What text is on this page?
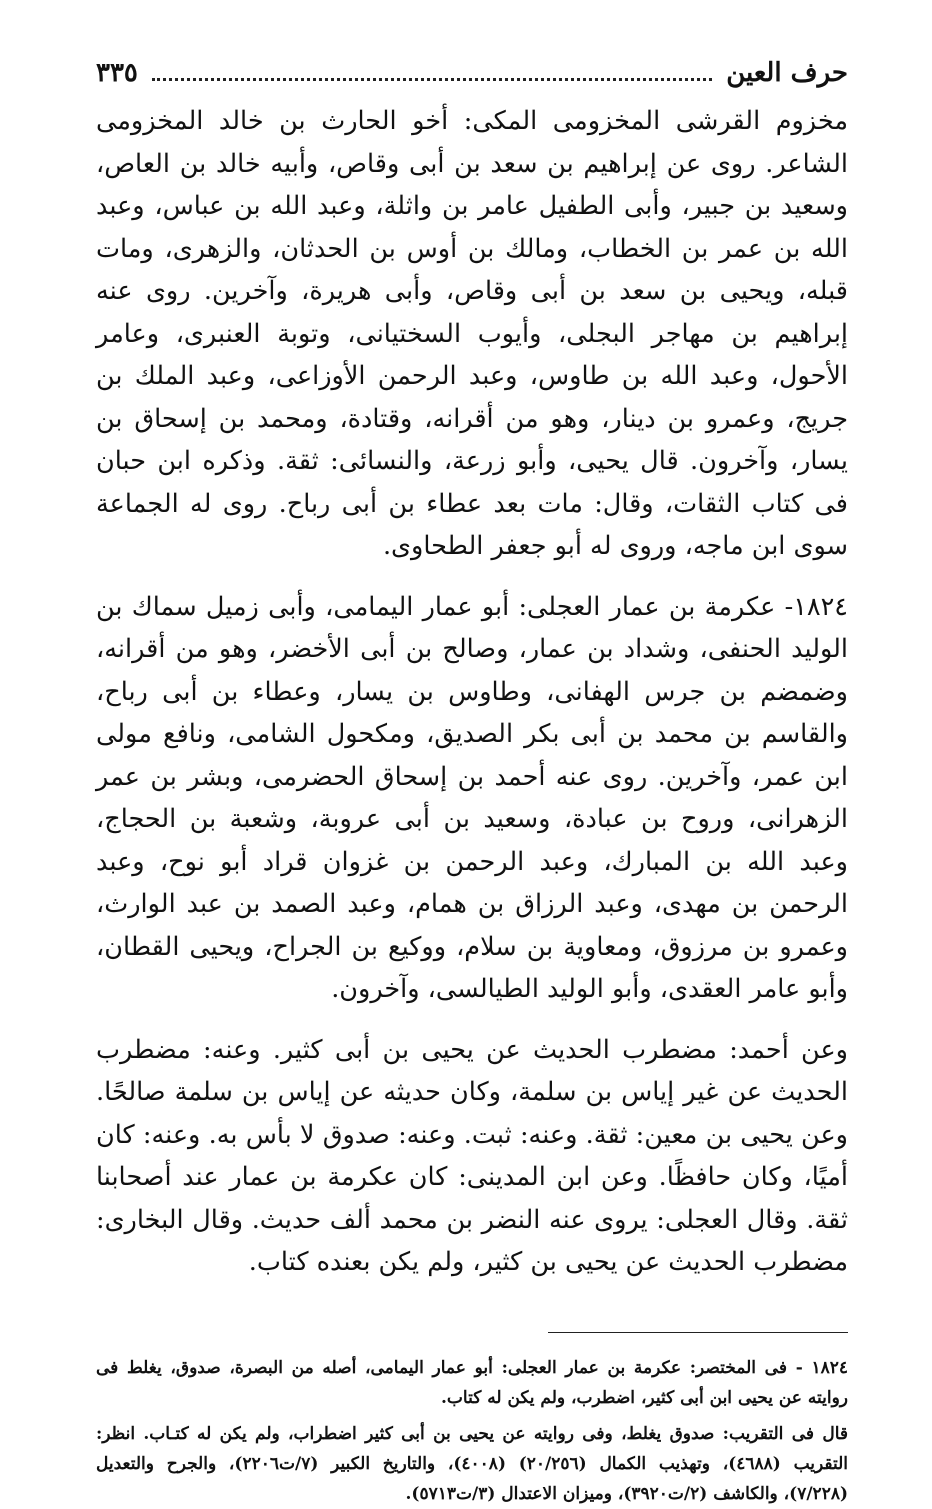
حرف العين
٣٣٥

مخزوم القرشى المخزومى المكى: أخو الحارث بن خالد المخزومى الشاعر. روى عن إبراهيم بن سعد بن أبى وقاص، وأبيه خالد بن العاص، وسعيد بن جبير، وأبى الطفيل عامر بن واثلة، وعبد الله بن عباس، وعبد الله بن عمر بن الخطاب، ومالك بن أوس بن الحدثان، والزهرى، ومات قبله، ويحيى بن سعد بن أبى وقاص، وأبى هريرة، وآخرين. روى عنه إبراهيم بن مهاجر البجلى، وأيوب السختيانى، وتوبة العنبرى، وعامر الأحول، وعبد الله بن طاوس، وعبد الرحمن الأوزاعى، وعبد الملك بن جريج، وعمرو بن دينار، وهو من أقرانه، وقتادة، ومحمد بن إسحاق بن يسار، وآخرون. قال يحيى، وأبو زرعة، والنسائى: ثقة. وذكره ابن حبان فى كتاب الثقات، وقال: مات بعد عطاء بن أبى رباح. روى له الجماعة سوى ابن ماجه، وروى له أبو جعفر الطحاوى.

١٨٢٤- عكرمة بن عمار العجلى: أبو عمار اليمامى، وأبى زميل سماك بن الوليد الحنفى، وشداد بن عمار، وصالح بن أبى الأخضر، وهو من أقرانه، وضمضم بن جرس الهفانى، وطاوس بن يسار، وعطاء بن أبى رباح، والقاسم بن محمد بن أبى بكر الصديق، ومكحول الشامى، ونافع مولى ابن عمر، وآخرين. روى عنه أحمد بن إسحاق الحضرمى، وبشر بن عمر الزهرانى، وروح بن عبادة، وسعيد بن أبى عروبة، وشعبة بن الحجاج، وعبد الله بن المبارك، وعبد الرحمن بن غزوان قراد أبو نوح، وعبد الرحمن بن مهدى، وعبد الرزاق بن همام، وعبد الصمد بن عبد الوارث، وعمرو بن مرزوق، ومعاوية بن سلام، ووكيع بن الجراح، ويحيى القطان، وأبو عامر العقدى، وأبو الوليد الطيالسى، وآخرون.

وعن أحمد: مضطرب الحديث عن يحيى بن أبى كثير. وعنه: مضطرب الحديث عن غير إياس بن سلمة، وكان حديثه عن إياس بن سلمة صالحًا. وعن يحيى بن معين: ثقة. وعنه: ثبت. وعنه: صدوق لا بأس به. وعنه: كان أميًا، وكان حافظًا. وعن ابن المدينى: كان عكرمة بن عمار عند أصحابنا ثقة. وقال العجلى: يروى عنه النضر بن محمد ألف حديث. وقال البخارى: مضطرب الحديث عن يحيى بن كثير، ولم يكن بعنده كتاب.

١٨٢٤ - فى المختصر: عكرمة بن عمار العجلى: أبو عمار اليمامى، أصله من البصرة، صدوق، يغلط فى روايته عن يحيى ابن أبى كثير، اضطرب، ولم يكن له كتاب.

قال فى التقريب: صدوق يغلط، وفى روايته عن يحيى بن أبى كثير اضطراب، ولم يكن له كتـاب. انظر: التقريب (٤٦٨٨)، وتهذيب الكمال (٢٠/٢٥٦) (٤٠٠٨)، والتاريخ الكبير (٧/ت٢٢٠٦)، والجرح والتعديل (٧/٢٢٨)، والكاشف (٢/ت٣٩٢٠)، وميزان الاعتدال (٣/ت٥٧١٣).
